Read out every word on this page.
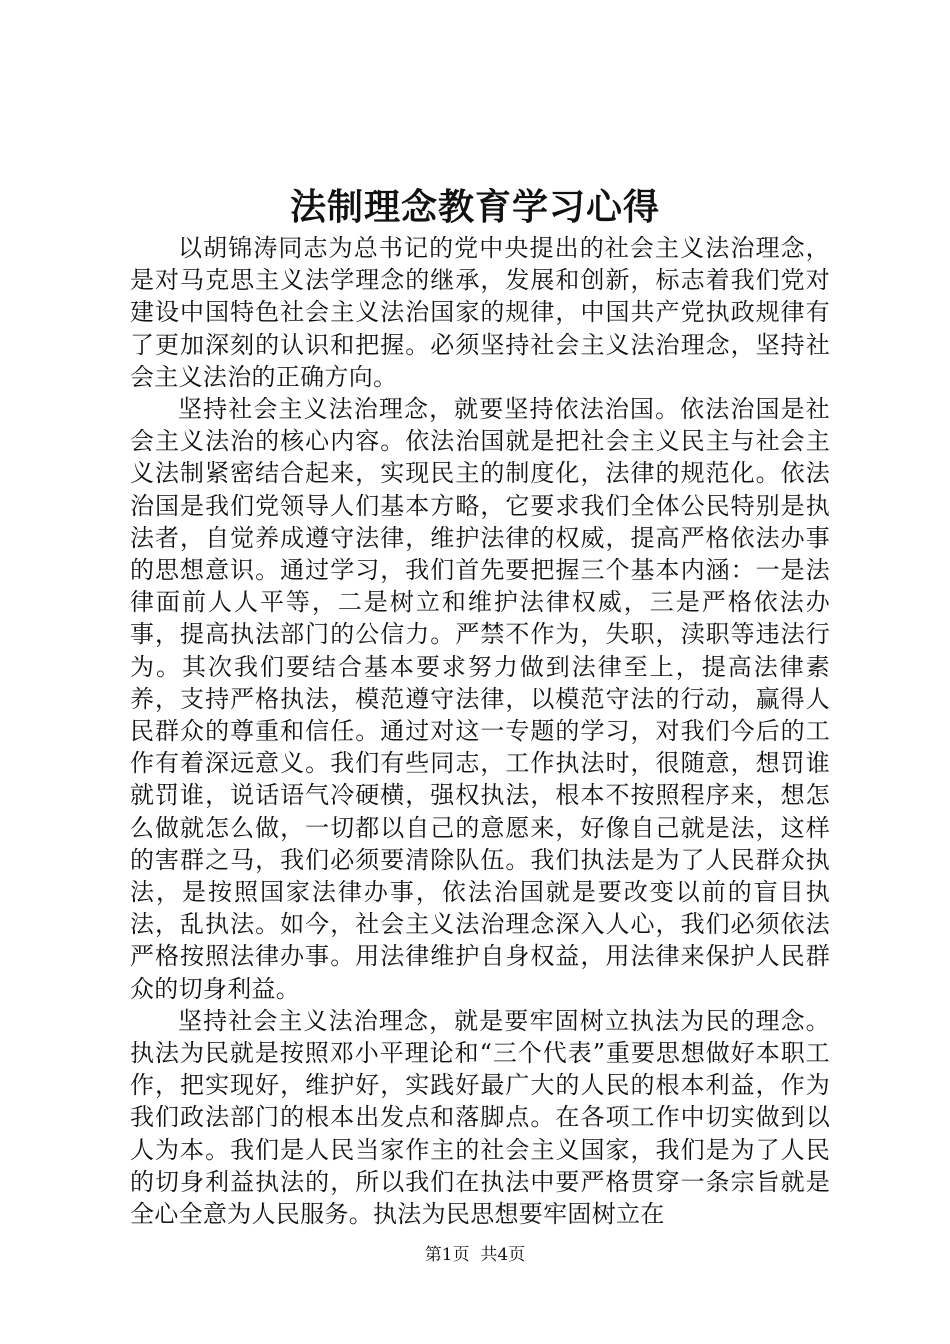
法制理念教育学习心得

以胡锦涛同志为总书记的党中央提出的社会主义法治理念，是对马克思主义法学理念的继承，发展和创新，标志着我们党对建设中国特色社会主义法治国家的规律，中国共产党执政规律有了更加深刻的认识和把握。必须坚持社会主义法治理念，坚持社会主义法治的正确方向。

坚持社会主义法治理念，就要坚持依法治国。依法治国是社会主义法治的核心内容。依法治国就是把社会主义民主与社会主义法制紧密结合起来，实现民主的制度化，法律的规范化。依法治国是我们党领导人们基本方略，它要求我们全体公民特别是执法者，自觉养成遵守法律，维护法律的权威，提高严格依法办事的思想意识。通过学习，我们首先要把握三个基本内涵：一是法律面前人人平等，二是树立和维护法律权威，三是严格依法办事，提高执法部门的公信力。严禁不作为，失职，渎职等违法行为。其次我们要结合基本要求努力做到法律至上，提高法律素养，支持严格执法，模范遵守法律，以模范守法的行动，赢得人民群众的尊重和信任。通过对这一专题的学习，对我们今后的工作有着深远意义。我们有些同志，工作执法时，很随意，想罚谁就罚谁，说话语气冷硬横，强权执法，根本不按照程序来，想怎么做就怎么做，一切都以自己的意愿来，好像自己就是法，这样的害群之马，我们必须要清除队伍。我们执法是为了人民群众执法，是按照国家法律办事，依法治国就是要改变以前的盲目执法，乱执法。如今，社会主义法治理念深入人心，我们必须依法严格按照法律办事。用法律维护自身权益，用法律来保护人民群众的切身利益。

坚持社会主义法治理念，就是要牢固树立执法为民的理念。执法为民就是按照邓小平理论和“三个代表”重要思想做好本职工作，把实现好，维护好，实践好最广大的人民的根本利益，作为我们政法部门的根本出发点和落脚点。在各项工作中切实做到以人为本。我们是人民当家作主的社会主义国家，我们是为了人民的切身利益执法的，所以我们在执法中要严格贯穿一条宗旨就是全心全意为人民服务。执法为民思想要牢固树立在

第1页 共4页
